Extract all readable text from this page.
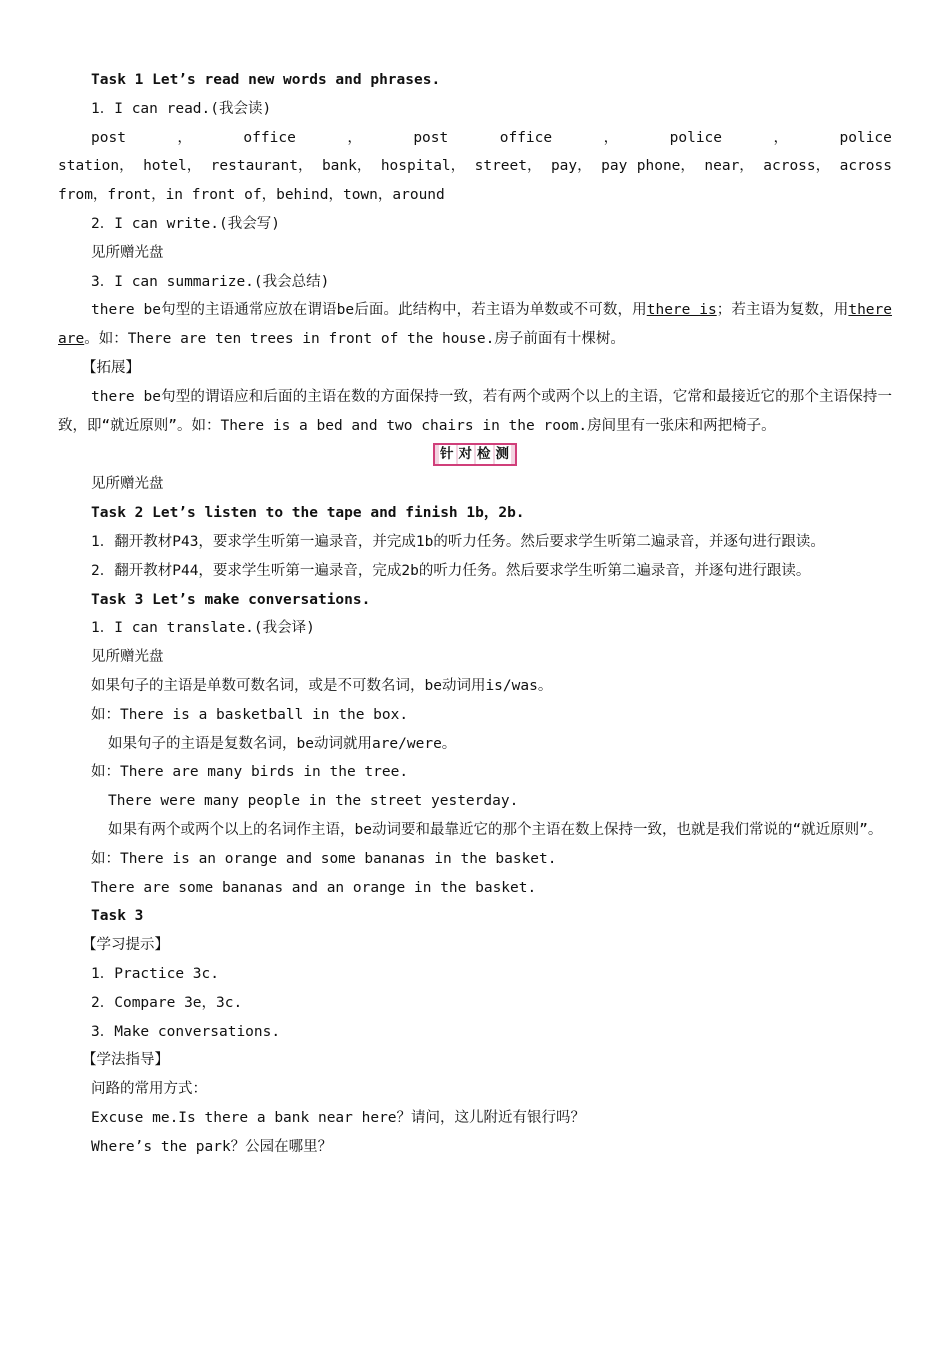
Task 1 Let’s read new words and phrases.
1．I can read.(我会读)
post	，	office	，	post	office	，	police	，	police
station， hotel， restaurant， bank， hospital， street， pay， pay phone， near， across， across
from，front，in front of，behind，town，around
2．I can write.(我会写)
见所赠光盘
3．I can summarize.(我会总结)
there be句型的主语通常应放在谓语be后面。此结构中，若主语为单数或不可数，用there is；若主语为复数，用there are。如：There are ten trees in front of the house.房子前面有十棵树。
【拓展】
there be句型的谓语应和后面的主语在数的方面保持一致，若有两个或两个以上的主语，它常和最接近它的那个主语保持一致，即“就近原则”。如：There is a bed and two chairs in the room.房间里有一张床和两把椅子。
针 对 检 测
见所赠光盘
Task 2 Let’s listen to the tape and finish 1b，2b.
1．翻开教材P43，要求学生听第一遍录音，并完成1b的听力任务。然后要求学生听第二遍录音，并逐句进行跟读。
2．翻开教材P44，要求学生听第一遍录音，完成2b的听力任务。然后要求学生听第二遍录音，并逐句进行跟读。
Task 3 Let’s make conversations.
1．I can translate.(我会译)
见所赠光盘
如果句子的主语是单数可数名词，或是不可数名词，be动词用is/was。
如：There is a basketball in the box.
如果句子的主语是复数名词，be动词就用are/were。
如：There are many birds in the tree.
There were many people in the street yesterday.
如果有两个或两个以上的名词作主语，be动词要和最靠近它的那个主语在数上保持一致，也就是我们常说的“就近原则”。
如：There is an orange and some bananas in the basket.
There are some bananas and an orange in the basket.
Task 3
【学习提示】
1．Practice 3c.
2．Compare 3e，3c.
3．Make conversations.
【学法指导】
问路的常用方式：
Excuse me.Is there a bank near here？请问，这儿附近有银行吗？
Where’s the park？公园在哪里？
